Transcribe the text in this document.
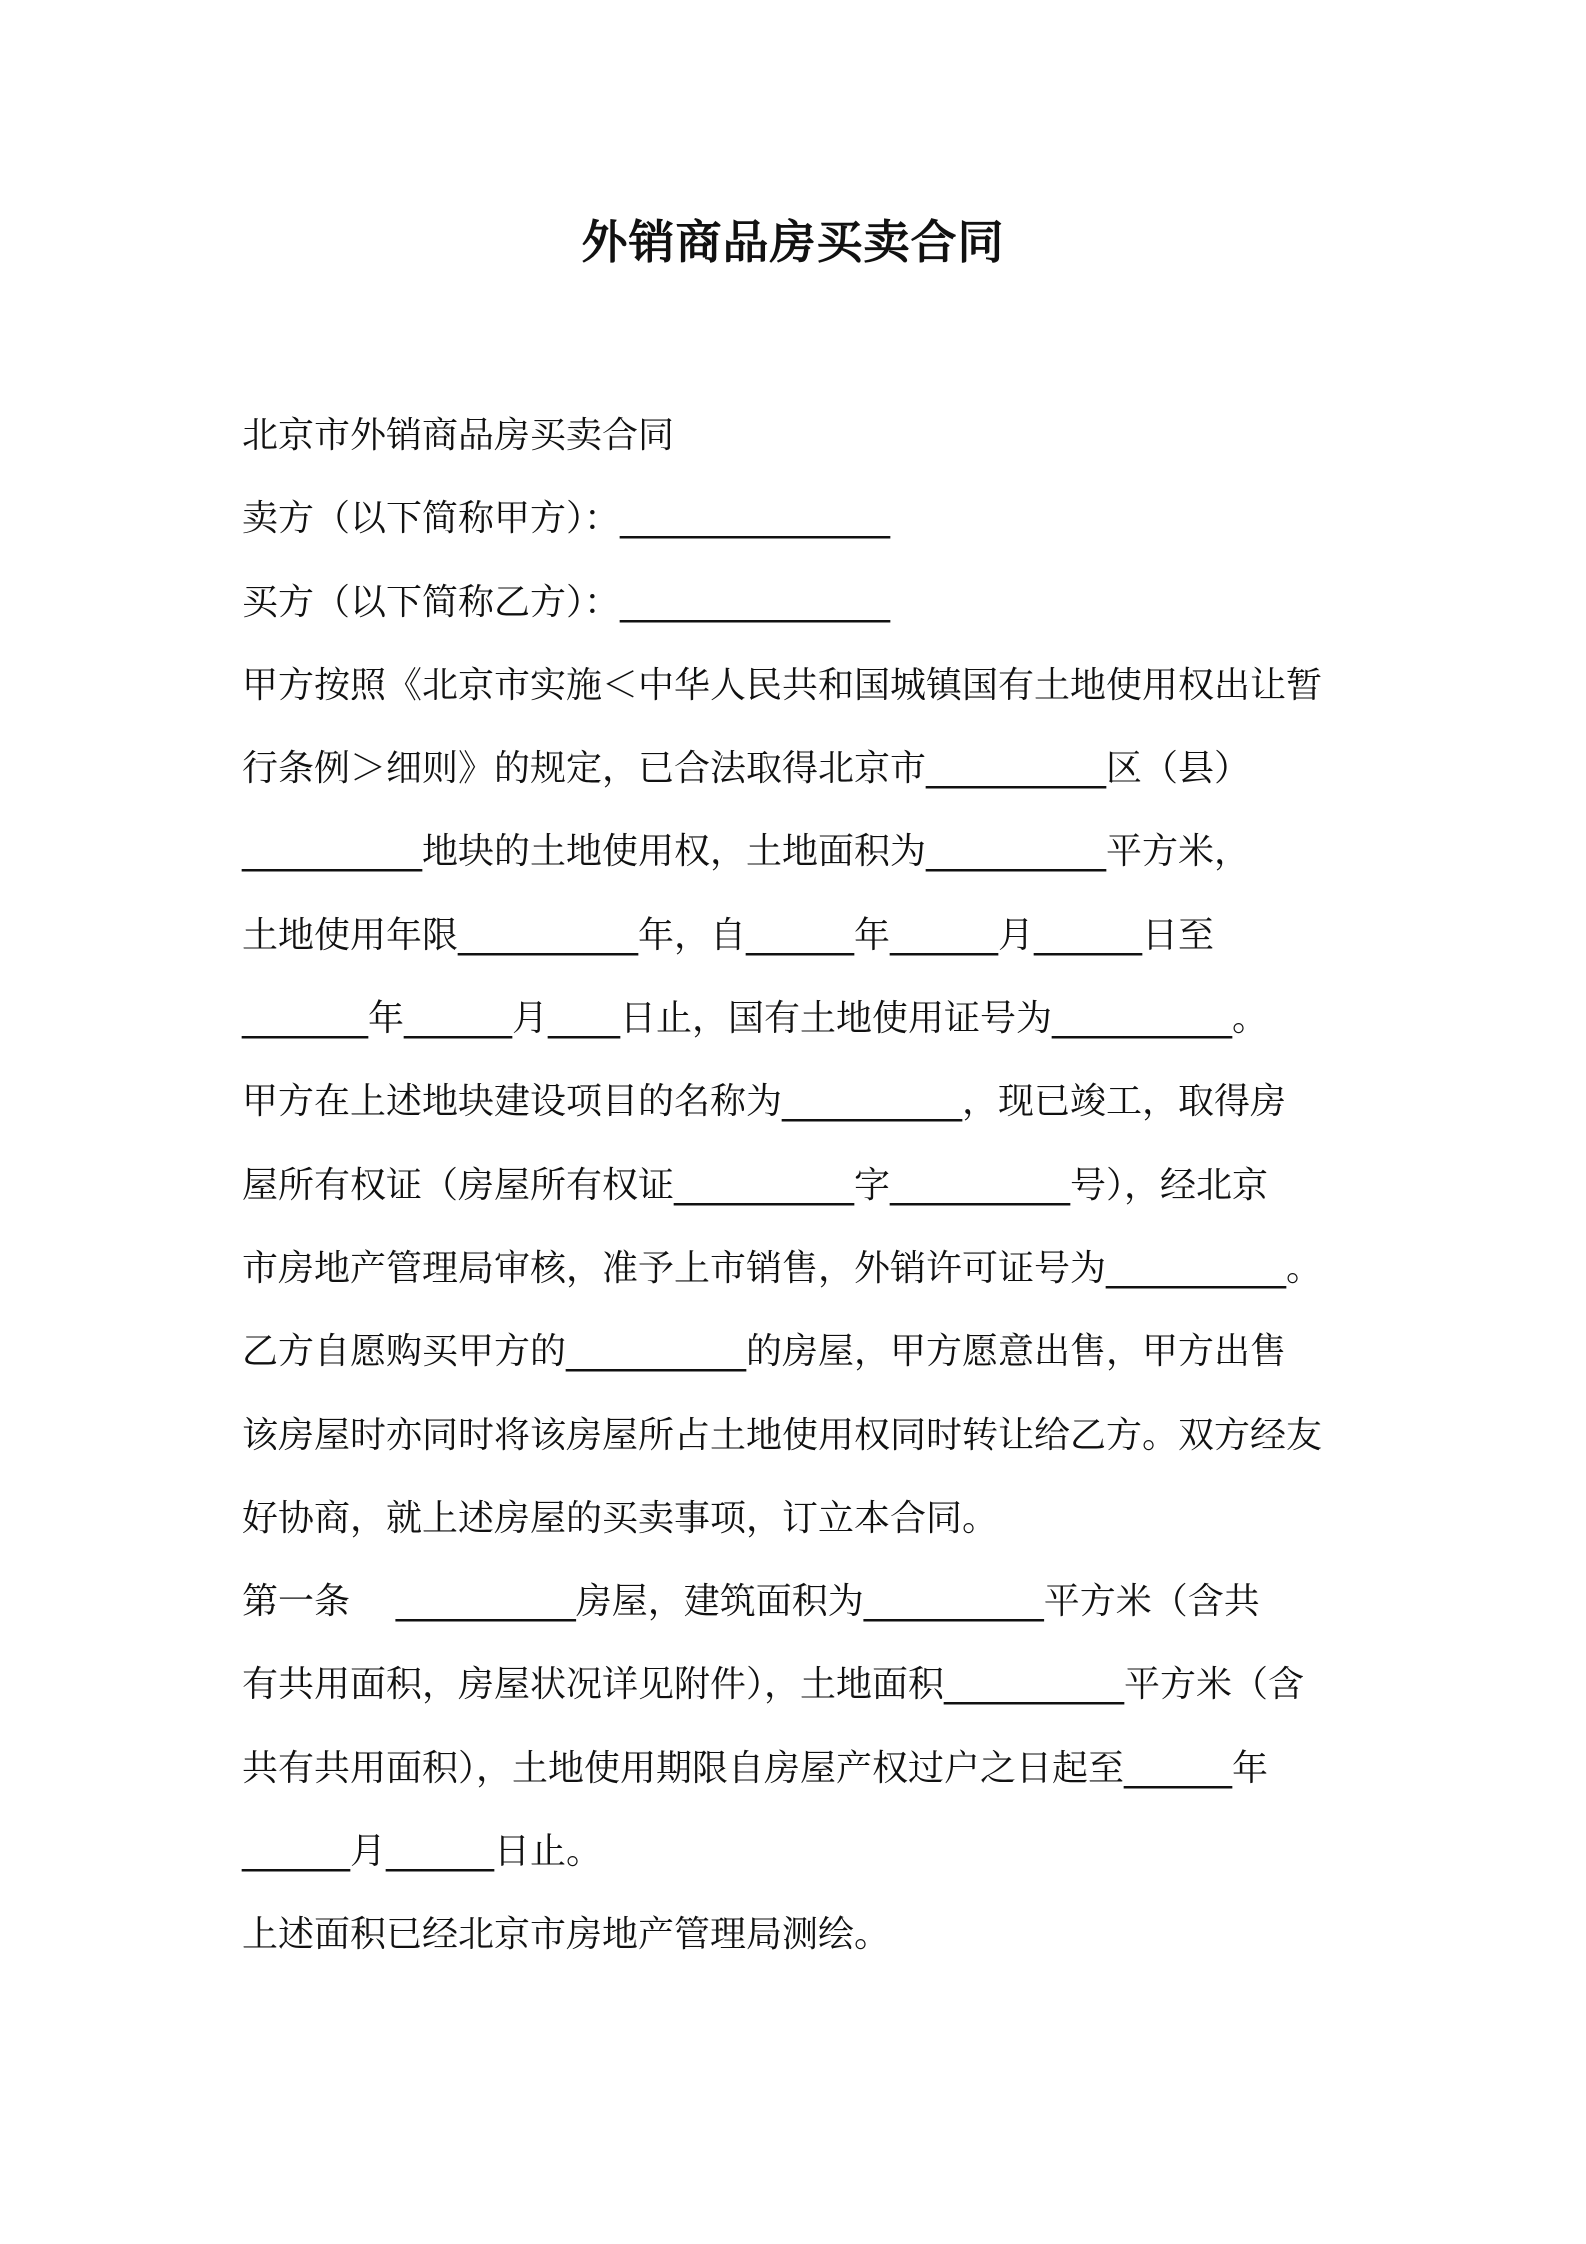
外销商品房买卖合同

北京市外销商品房买卖合同

卖方（以下简称甲方）：_______________

买方（以下简称乙方）：_______________

甲方按照《北京市实施＜中华人民共和国城镇国有土地使用权出让暂

行条例＞细则》的规定，已合法取得北京市__________区（县）

__________地块的土地使用权，土地面积为__________平方米，

土地使用年限__________年，自______年______月______日至

_______年______月____日止，国有土地使用证号为__________。

甲方在上述地块建设项目的名称为__________，现已竣工，取得房

屋所有权证（房屋所有权证__________字__________号），经北京

市房地产管理局审核，准予上市销售，外销许可证号为__________。

乙方自愿购买甲方的__________的房屋，甲方愿意出售，甲方出售

该房屋时亦同时将该房屋所占土地使用权同时转让给乙方。双方经友

好协商，就上述房屋的买卖事项，订立本合同。

第一条    __________房屋，建筑面积为__________平方米（含共

有共用面积，房屋状况详见附件），土地面积__________平方米（含

共有共用面积），土地使用期限自房屋产权过户之日起至______年

______月______日止。

上述面积已经北京市房地产管理局测绘。
